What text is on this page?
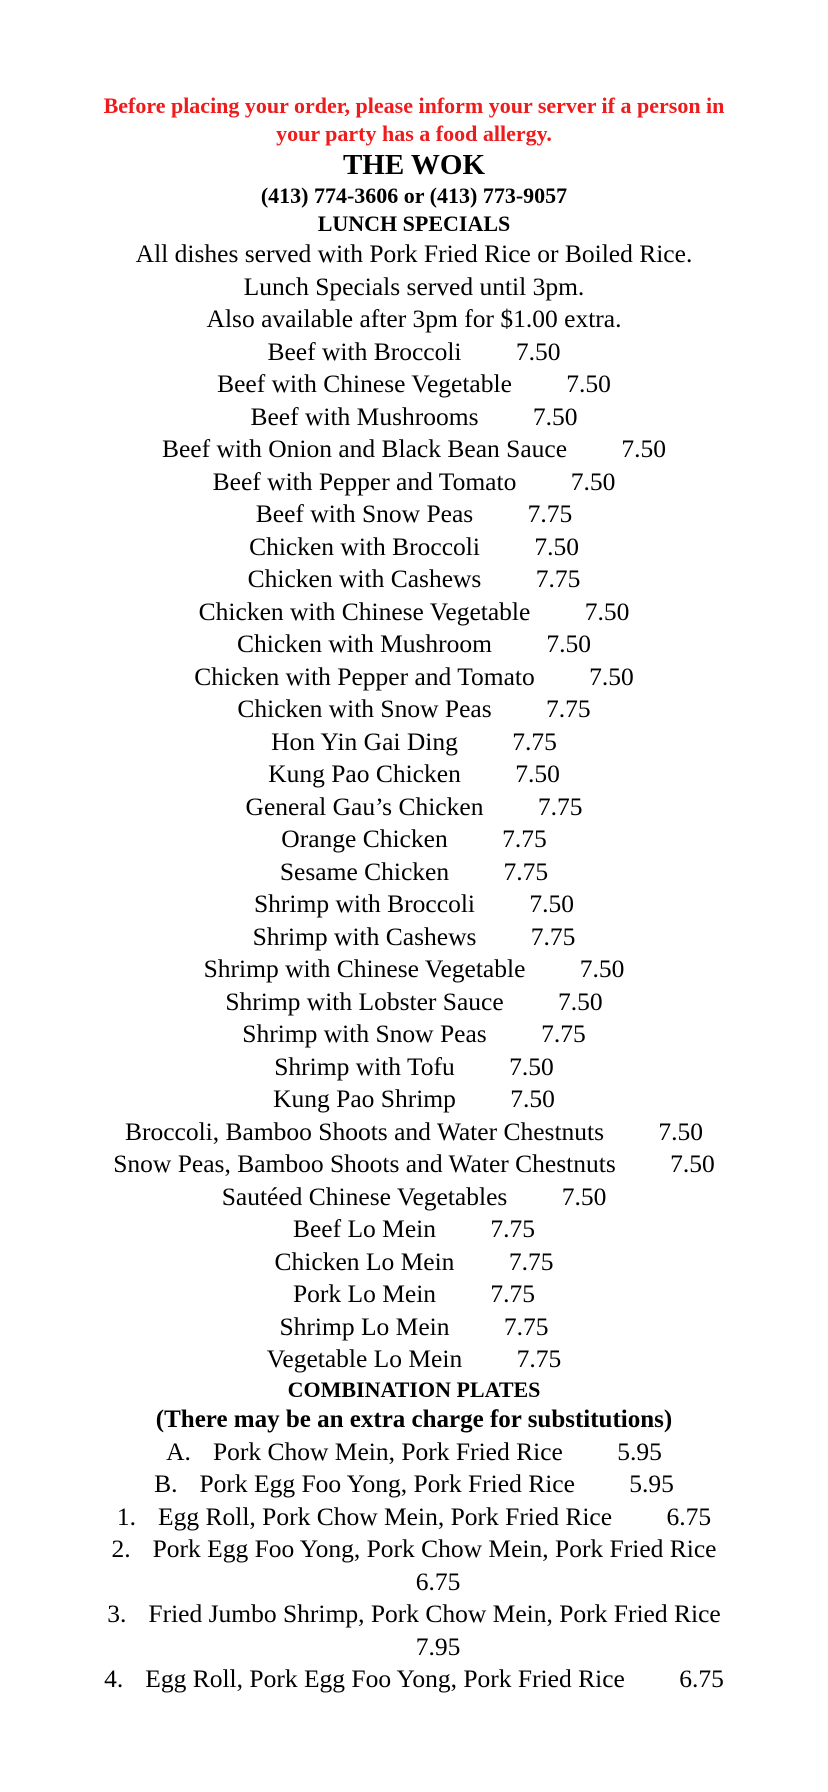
Before placing your order, please inform your server if a person in your party has a food allergy.
THE WOK
(413) 774-3606 or (413) 773-9057
LUNCH SPECIALS
All dishes served with Pork Fried Rice or Boiled Rice.
Lunch Specials served until 3pm.
Also available after 3pm for $1.00 extra.
Beef with Broccoli 7.50
Beef with Chinese Vegetable 7.50
Beef with Mushrooms 7.50
Beef with Onion and Black Bean Sauce 7.50
Beef with Pepper and Tomato 7.50
Beef with Snow Peas 7.75
Chicken with Broccoli 7.50
Chicken with Cashews 7.75
Chicken with Chinese Vegetable 7.50
Chicken with Mushroom 7.50
Chicken with Pepper and Tomato 7.50
Chicken with Snow Peas 7.75
Hon Yin Gai Ding 7.75
Kung Pao Chicken 7.50
General Gau’s Chicken 7.75
Orange Chicken 7.75
Sesame Chicken 7.75
Shrimp with Broccoli 7.50
Shrimp with Cashews 7.75
Shrimp with Chinese Vegetable 7.50
Shrimp with Lobster Sauce 7.50
Shrimp with Snow Peas 7.75
Shrimp with Tofu 7.50
Kung Pao Shrimp 7.50
Broccoli, Bamboo Shoots and Water Chestnuts 7.50
Snow Peas, Bamboo Shoots and Water Chestnuts 7.50
Sautéed Chinese Vegetables 7.50
Beef Lo Mein 7.75
Chicken Lo Mein 7.75
Pork Lo Mein 7.75
Shrimp Lo Mein 7.75
Vegetable Lo Mein 7.75
COMBINATION PLATES
(There may be an extra charge for substitutions)
A. Pork Chow Mein, Pork Fried Rice 5.95
B. Pork Egg Foo Yong, Pork Fried Rice 5.95
1. Egg Roll, Pork Chow Mein, Pork Fried Rice 6.75
2. Pork Egg Foo Yong, Pork Chow Mein, Pork Fried Rice 6.75
3. Fried Jumbo Shrimp, Pork Chow Mein, Pork Fried Rice 7.95
4. Egg Roll, Pork Egg Foo Yong, Pork Fried Rice 6.75
